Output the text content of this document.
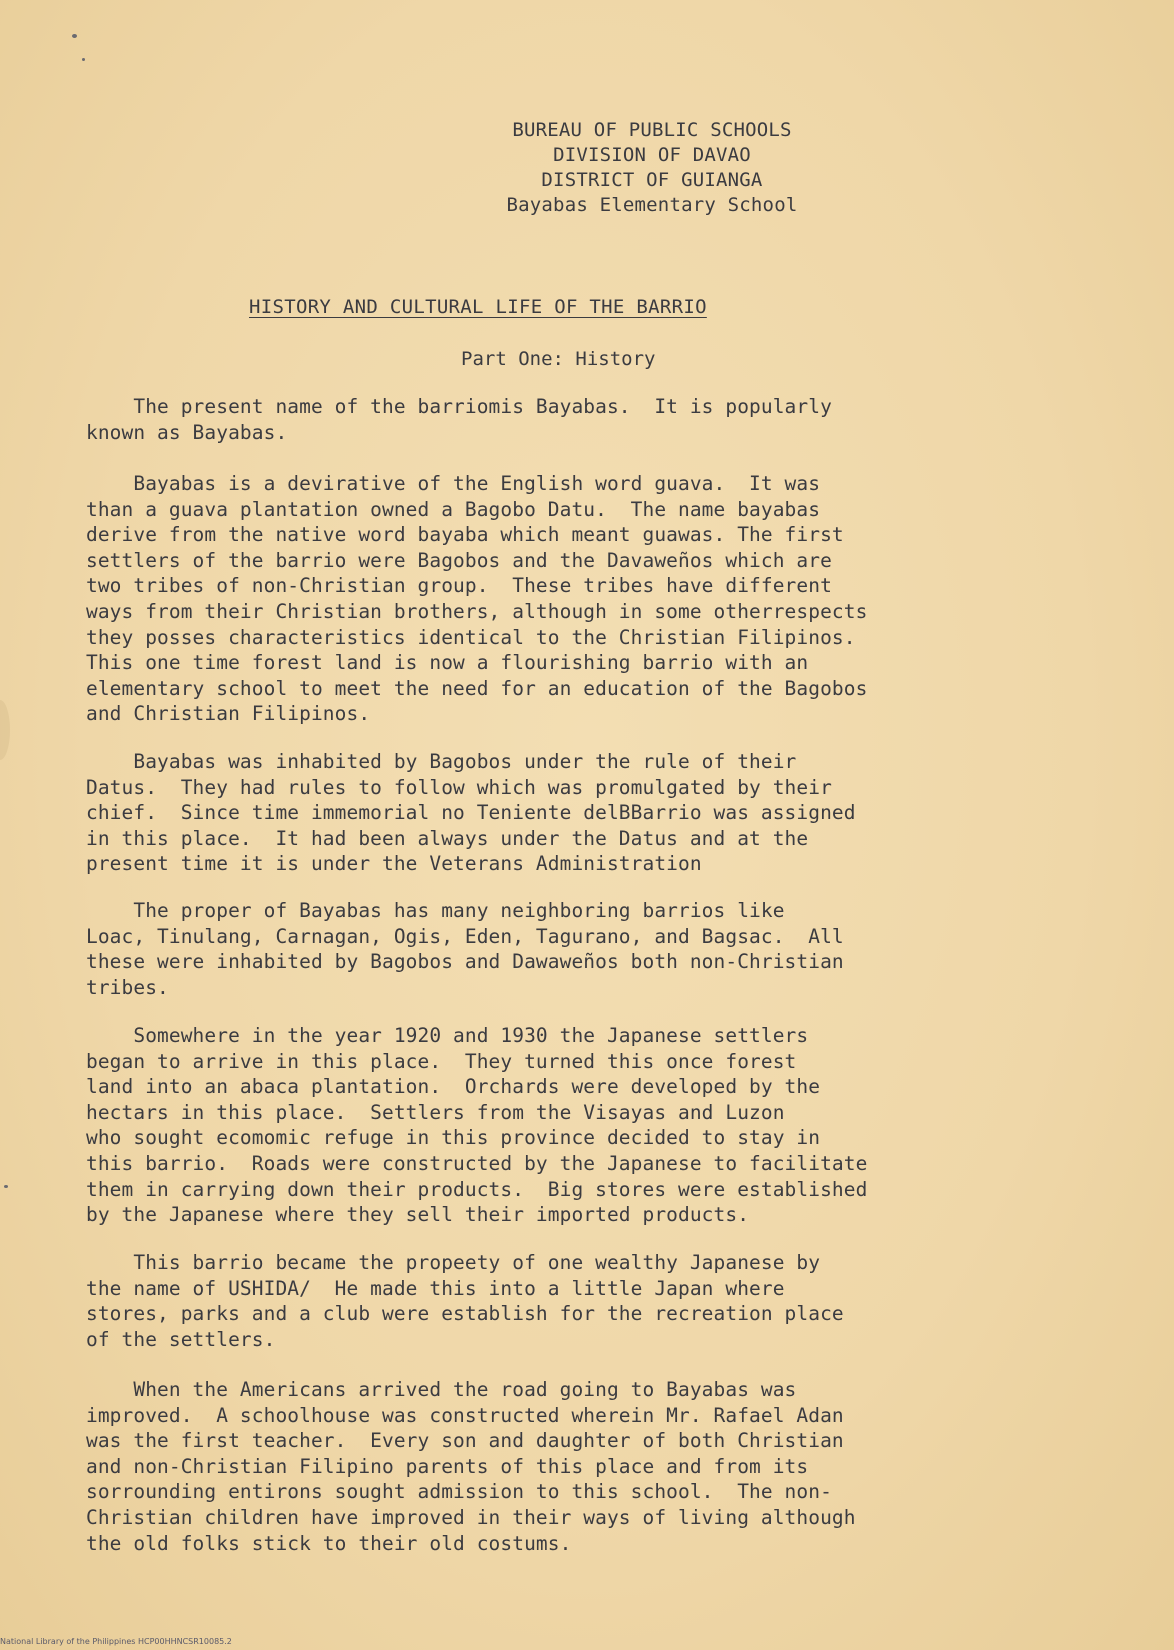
BUREAU OF PUBLIC SCHOOLS
DIVISION OF DAVAO
DISTRICT OF GUIANGA
Bayabas Elementary School
HISTORY AND CULTURAL LIFE OF THE BARRIO
Part One: History

The present name of the barriomis Bayabas.  It is popularly
known as Bayabas.

Bayabas is a devirative of the English word guava.  It was
than a guava plantation owned a Bagobo Datu.  The name bayabas
derive from the native word bayaba which meant guawas. The first
settlers of the barrio were Bagobos and the Davaweños which are
two tribes of non-Christian group.  These tribes have different
ways from their Christian brothers, although in some otherrespects
they posses characteristics identical to the Christian Filipinos.
This one time forest land is now a flourishing barrio with an
elementary school to meet the need for an education of the Bagobos
and Christian Filipinos.

Bayabas was inhabited by Bagobos under the rule of their
Datus.  They had rules to follow which was promulgated by their
chief.  Since time immemorial no Teniente delBBarrio was assigned
in this place.  It had been always under the Datus and at the
present time it is under the Veterans Administration

The proper of Bayabas has many neighboring barrios like
Loac, Tinulang, Carnagan, Ogis, Eden, Tagurano, and Bagsac.  All
these were inhabited by Bagobos and Dawaweños both non-Christian
tribes.

Somewhere in the year 1920 and 1930 the Japanese settlers
began to arrive in this place.  They turned this once forest
land into an abaca plantation.  Orchards were developed by the
hectars in this place.  Settlers from the Visayas and Luzon
who sought ecomomic refuge in this province decided to stay in
this barrio.  Roads were constructed by the Japanese to facilitate
them in carrying down their products.  Big stores were established
by the Japanese where they sell their imported products.

This barrio became the propeety of one wealthy Japanese by
the name of USHIDA/  He made this into a little Japan where
stores, parks and a club were establish for the recreation place
of the settlers.

When the Americans arrived the road going to Bayabas was
improved.  A schoolhouse was constructed wherein Mr. Rafael Adan
was the first teacher.  Every son and daughter of both Christian
and non-Christian Filipino parents of this place and from its
sorrounding entirons sought admission to this school.  The non-
Christian children have improved in their ways of living although
the old folks stick to their old costums.

National Library of the Philippines HCP00HHNCSR10085.2
